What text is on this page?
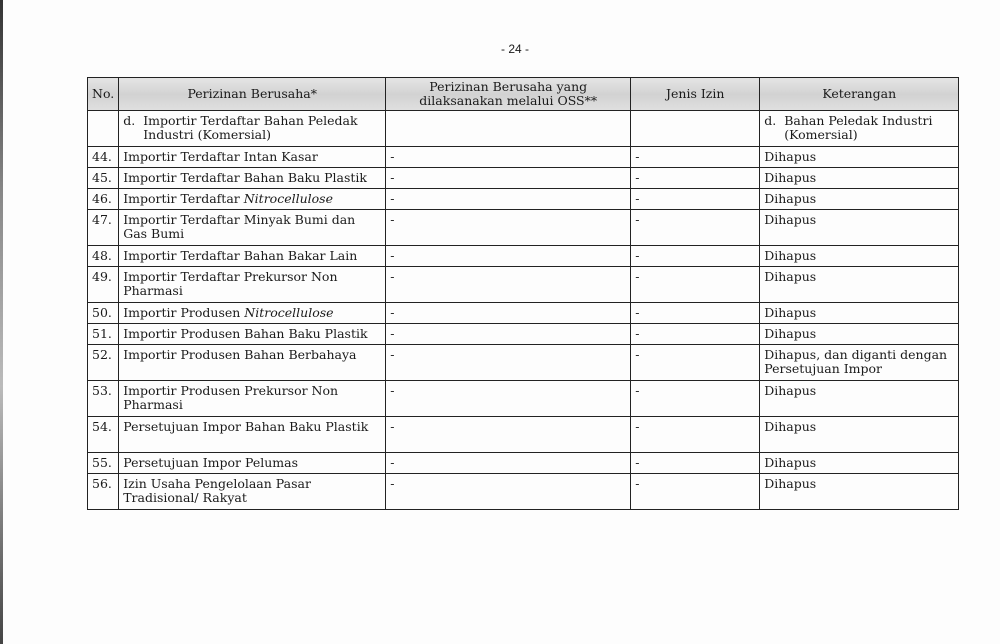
- 24 -
No.	Perizinan Berusaha*	Perizinan Berusaha yang dilaksanakan melalui OSS**	Jenis Izin	Keterangan

	d. Importir Terdaftar Bahan Peledak Industri (Komersial)			d. Bahan Peledak Industri (Komersial)

44.	Importir Terdaftar Intan Kasar	-	-	Dihapus
45.	Importir Terdaftar Bahan Baku Plastik	-	-	Dihapus
46.	Importir Terdaftar Nitrocellulose	-	-	Dihapus
47.	Importir Terdaftar Minyak Bumi dan Gas Bumi	-	-	Dihapus
48.	Importir Terdaftar Bahan Bakar Lain	-	-	Dihapus
49.	Importir Terdaftar Prekursor Non Pharmasi	-	-	Dihapus
50.	Importir Produsen Nitrocellulose	-	-	Dihapus
51.	Importir Produsen Bahan Baku Plastik	-	-	Dihapus
52.	Importir Produsen Bahan Berbahaya	-	-	Dihapus, dan diganti dengan Persetujuan Impor
53.	Importir Produsen Prekursor Non Pharmasi	-	-	Dihapus
54.	Persetujuan Impor Bahan Baku Plastik	-	-	Dihapus
55.	Persetujuan Impor Pelumas	-	-	Dihapus
56.	Izin Usaha Pengelolaan Pasar Tradisional/ Rakyat	-	-	Dihapus
